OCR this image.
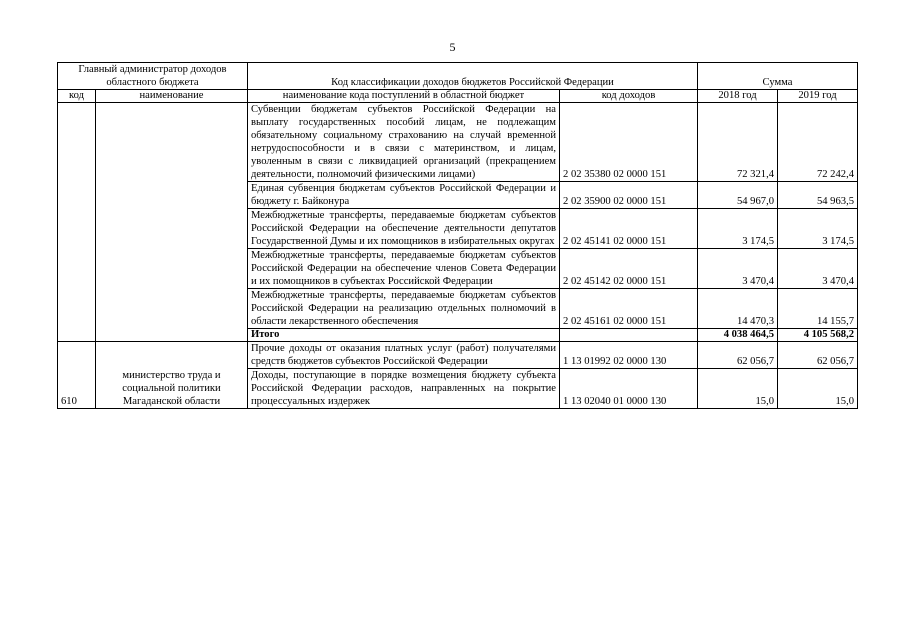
5
Главный администратор доходов областного бюджета		Код классификации доходов бюджетов Российской Федерации		Сумма	
код	наименование	наименование кода поступлений в областной бюджет	код доходов	2018 год	2019 год
		Субвенции бюджетам субъектов Российской Федерации на выплату государственных пособий лицам, не подлежащим обязательному социальному страхованию на случай временной нетрудоспособности и в связи с материнством, и лицам, уволенным в связи с ликвидацией организаций (прекращением деятельности, полномочий физическими лицами)	2 02 35380 02 0000 151	72 321,4	72 242,4
		Единая субвенция бюджетам субъектов Российской Федерации и бюджету г. Байконура	2 02 35900 02 0000 151	54 967,0	54 963,5
		Межбюджетные трансферты, передаваемые бюджетам субъектов Российской Федерации на обеспечение деятельности депутатов Государственной Думы и их помощников в избирательных округах	2 02 45141 02 0000 151	3 174,5	3 174,5
		Межбюджетные трансферты, передаваемые бюджетам субъектов Российской Федерации на обеспечение членов Совета Федерации и их помощников в субъектах Российской Федерации	2 02 45142 02 0000 151	3 470,4	3 470,4
		Межбюджетные трансферты, передаваемые бюджетам субъектов Российской Федерации на реализацию отдельных полномочий в области лекарственного обеспечения	2 02 45161 02 0000 151	14 470,3	14 155,7
		Итого		4 038 464,5	4 105 568,2
610	министерство труда и социальной политики Магаданской области	Прочие доходы от оказания платных услуг (работ) получателями средств бюджетов субъектов Российской Федерации	1 13 01992 02 0000 130	62 056,7	62 056,7
		Доходы, поступающие в порядке возмещения бюджету субъекта Российской Федерации расходов, направленных на покрытие процессуальных издержек	1 13 02040 01 0000 130	15,0	15,0
